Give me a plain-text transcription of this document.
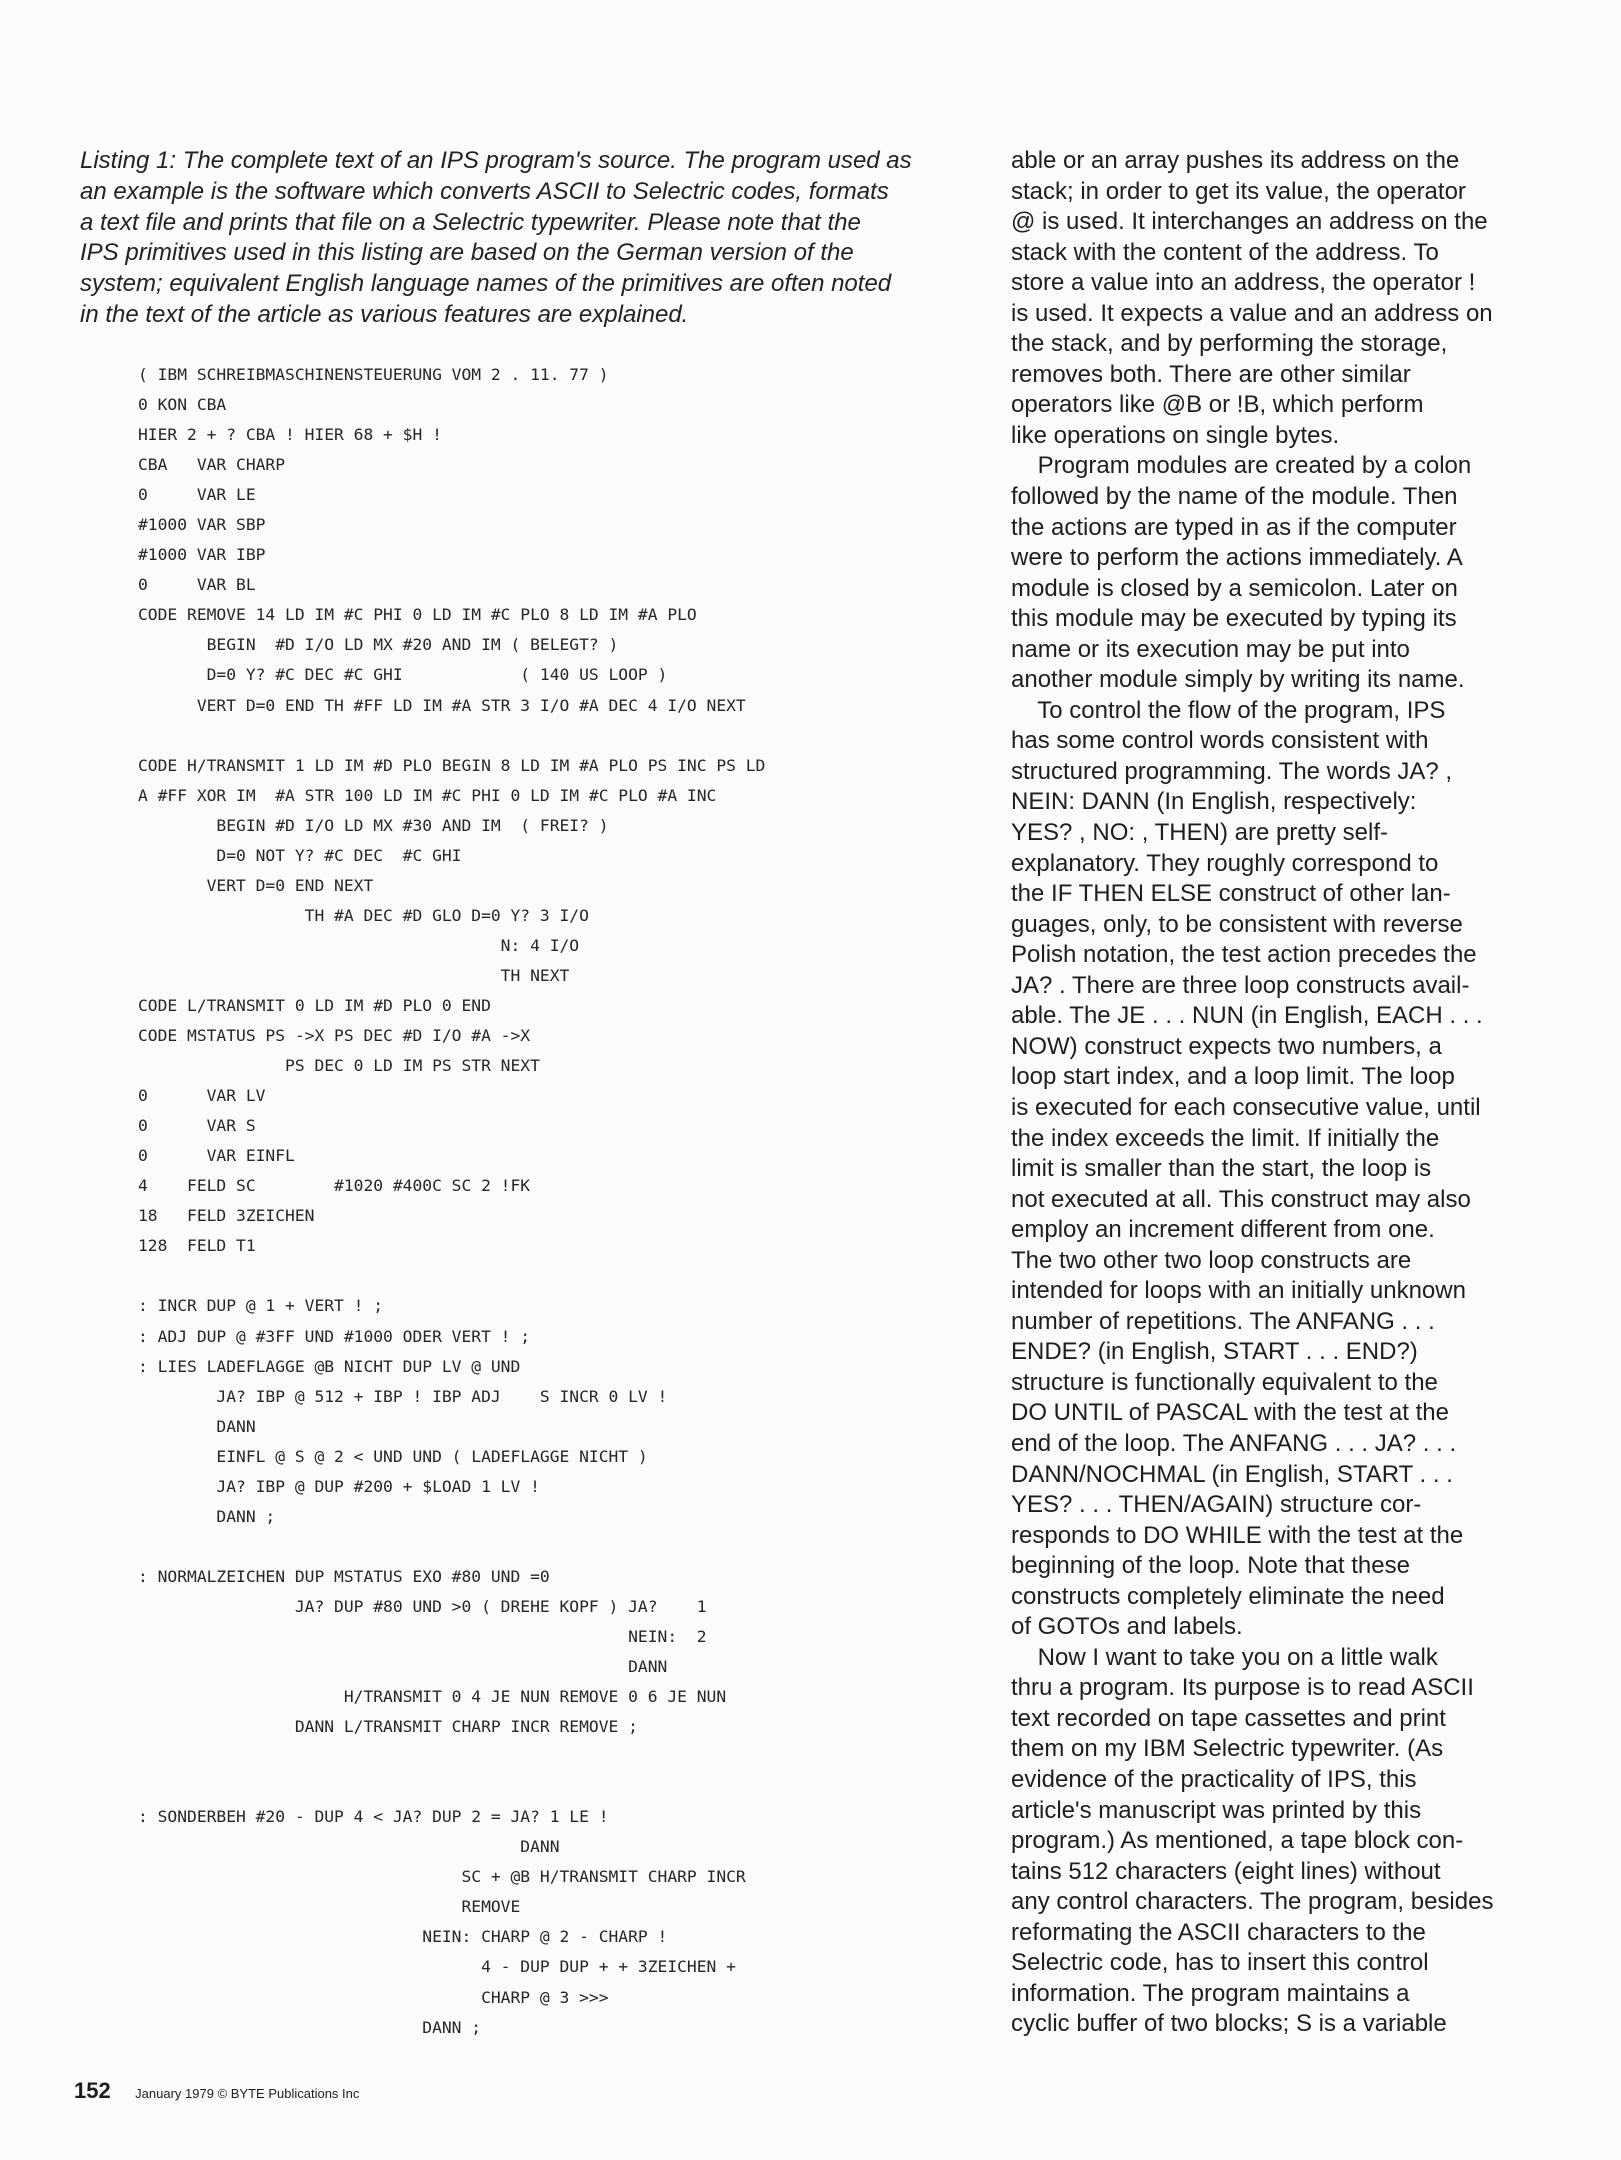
Listing 1: The complete text of an IPS program's source. The program used as
an example is the software which converts ASCII to Selectric codes, formats
a text file and prints that file on a Selectric typewriter. Please note that the
IPS primitives used in this listing are based on the German version of the
system; equivalent English language names of the primitives are often noted
in the text of the article as various features are explained.
( IBM SCHREIBMASCHINENSTEUERUNG VOM 2 . 11. 77 )
0 KON CBA
HIER 2 + ? CBA ! HIER 68 + $H !
CBA   VAR CHARP
0     VAR LE
#1000 VAR SBP
#1000 VAR IBP
0     VAR BL
CODE REMOVE 14 LD IM #C PHI 0 LD IM #C PLO 8 LD IM #A PLO
BEGIN  #D I/O LD MX #20 AND IM ( BELEGT? )
D=0 Y? #C DEC #C GHI            ( 140 US LOOP )
VERT D=0 END TH #FF LD IM #A STR 3 I/O #A DEC 4 I/O NEXT
CODE H/TRANSMIT 1 LD IM #D PLO BEGIN 8 LD IM #A PLO PS INC PS LD
A #FF XOR IM  #A STR 100 LD IM #C PHI 0 LD IM #C PLO #A INC
BEGIN #D I/O LD MX #30 AND IM  ( FREI? )
D=0 NOT Y? #C DEC  #C GHI
VERT D=0 END NEXT
TH #A DEC #D GLO D=0 Y? 3 I/O
N: 4 I/O
TH NEXT
CODE L/TRANSMIT 0 LD IM #D PLO 0 END
CODE MSTATUS PS ->X PS DEC #D I/O #A ->X
PS DEC 0 LD IM PS STR NEXT
0      VAR LV
0      VAR S
0      VAR EINFL
4    FELD SC        #1020 #400C SC 2 !FK
18   FELD 3ZEICHEN
128  FELD T1
: INCR DUP @ 1 + VERT ! ;
: ADJ DUP @ #3FF UND #1000 ODER VERT ! ;
: LIES LADEFLAGGE @B NICHT DUP LV @ UND
JA? IBP @ 512 + IBP ! IBP ADJ    S INCR 0 LV !
DANN
EINFL @ S @ 2 < UND UND ( LADEFLAGGE NICHT )
JA? IBP @ DUP #200 + $LOAD 1 LV !
DANN ;
: NORMALZEICHEN DUP MSTATUS EXO #80 UND =0
JA? DUP #80 UND >0 ( DREHE KOPF ) JA?    1
NEIN:  2
DANN
H/TRANSMIT 0 4 JE NUN REMOVE 0 6 JE NUN
DANN L/TRANSMIT CHARP INCR REMOVE ;
: SONDERBEH #20 - DUP 4 < JA? DUP 2 = JA? 1 LE !
DANN
SC + @B H/TRANSMIT CHARP INCR
REMOVE
NEIN: CHARP @ 2 - CHARP !
4 - DUP DUP + + 3ZEICHEN +
CHARP @ 3 >>>
DANN ;
able or an array pushes its address on the
stack; in order to get its value, the operator
@ is used. It interchanges an address on the
stack with the content of the address. To
store a value into an address, the operator !
is used. It expects a value and an address on
the stack, and by performing the storage,
removes both. There are other similar
operators like @B or !B, which perform
like operations on single bytes.
Program modules are created by a colon
followed by the name of the module. Then
the actions are typed in as if the computer
were to perform the actions immediately. A
module is closed by a semicolon. Later on
this module may be executed by typing its
name or its execution may be put into
another module simply by writing its name.
To control the flow of the program, IPS
has some control words consistent with
structured programming. The words JA? ,
NEIN: DANN (In English, respectively:
YES? , NO: , THEN) are pretty self-
explanatory. They roughly correspond to
the IF THEN ELSE construct of other lan-
guages, only, to be consistent with reverse
Polish notation, the test action precedes the
JA? . There are three loop constructs avail-
able. The JE . . . NUN (in English, EACH . . .
NOW) construct expects two numbers, a
loop start index, and a loop limit. The loop
is executed for each consecutive value, until
the index exceeds the limit. If initially the
limit is smaller than the start, the loop is
not executed at all. This construct may also
employ an increment different from one.
The two other two loop constructs are
intended for loops with an initially unknown
number of repetitions. The ANFANG . . .
ENDE? (in English, START . . . END?)
structure is functionally equivalent to the
DO UNTIL of PASCAL with the test at the
end of the loop. The ANFANG . . . JA? . . .
DANN/NOCHMAL (in English, START . . .
YES? . . . THEN/AGAIN) structure cor-
responds to DO WHILE with the test at the
beginning of the loop. Note that these
constructs completely eliminate the need
of GOTOs and labels.
Now I want to take you on a little walk
thru a program. Its purpose is to read ASCII
text recorded on tape cassettes and print
them on my IBM Selectric typewriter. (As
evidence of the practicality of IPS, this
article's manuscript was printed by this
program.) As mentioned, a tape block con-
tains 512 characters (eight lines) without
any control characters. The program, besides
reformating the ASCII characters to the
Selectric code, has to insert this control
information. The program maintains a
cyclic buffer of two blocks; S is a variable
152 January 1979 © BYTE Publications Inc
